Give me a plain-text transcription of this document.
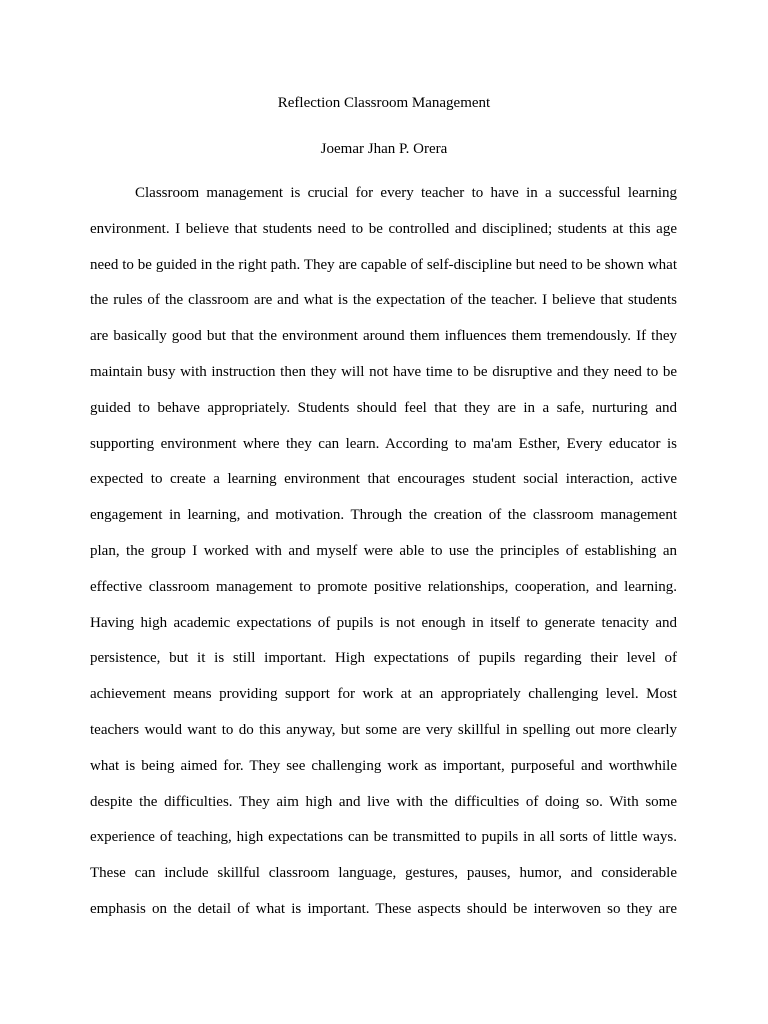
Reflection Classroom Management
Joemar Jhan P. Orera
Classroom management is crucial for every teacher to have in a successful learning
environment. I believe that students need to be controlled and disciplined; students at this age
need to be guided in the right path. They are capable of self-discipline but need to be shown what
the rules of the classroom are and what is the expectation of the teacher. I believe that students
are basically good but that the environment around them influences them tremendously. If they
maintain busy with instruction then they will not have time to be disruptive and they need to be
guided to behave appropriately. Students should feel that they are in a safe, nurturing and
supporting environment where they can learn. According to ma'am Esther, Every educator is
expected to create a learning environment that encourages student social interaction, active
engagement in learning, and motivation. Through the creation of the classroom management
plan, the group I worked with and myself were able to use the principles of establishing an
effective classroom management to promote positive relationships, cooperation, and learning.
Having high academic expectations of pupils is not enough in itself to generate tenacity and
persistence, but it is still important. High expectations of pupils regarding their level of
achievement means providing support for work at an appropriately challenging level. Most
teachers would want to do this anyway, but some are very skillful in spelling out more clearly
what is being aimed for. They see challenging work as important, purposeful and worthwhile
despite the difficulties. They aim high and live with the difficulties of doing so. With some
experience of teaching, high expectations can be transmitted to pupils in all sorts of little ways.
These can include skillful classroom language, gestures, pauses, humor, and considerable
emphasis on the detail of what is important. These aspects should be interwoven so they are
